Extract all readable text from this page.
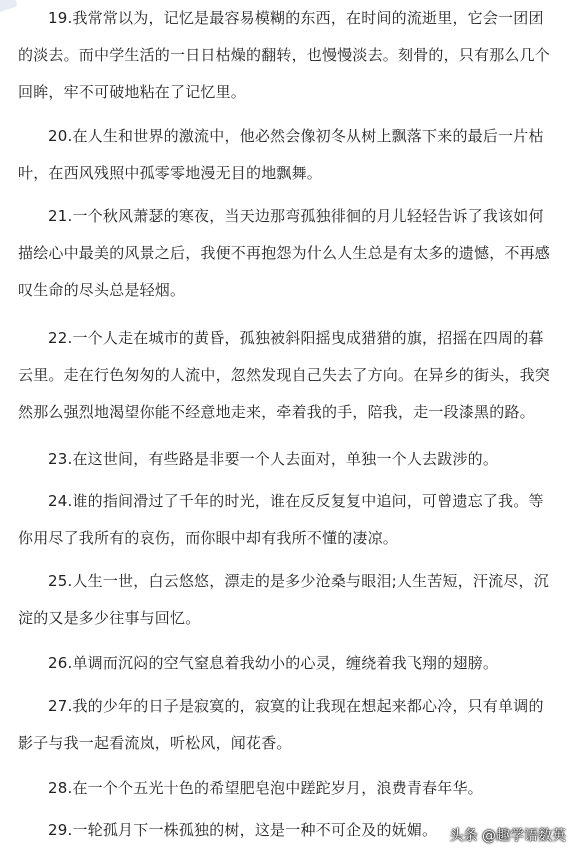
19.我常常以为，记忆是最容易模糊的东西，在时间的流逝里，它会一团团
的淡去。而中学生活的一日日枯燥的翻转，也慢慢淡去。刻骨的，只有那么几个
回眸，牢不可破地粘在了记忆里。
20.在人生和世界的激流中，他必然会像初冬从树上飘落下来的最后一片枯
叶，在西风残照中孤零零地漫无目的地飘舞。
21.一个秋风萧瑟的寒夜，当天边那弯孤独徘徊的月儿轻轻告诉了我该如何
描绘心中最美的风景之后，我便不再抱怨为什么人生总是有太多的遗憾，不再感
叹生命的尽头总是轻烟。
22.一个人走在城市的黄昏，孤独被斜阳摇曳成猎猎的旗，招摇在四周的暮
云里。走在行色匆匆的人流中，忽然发现自己失去了方向。在异乡的街头，我突
然那么强烈地渴望你能不经意地走来，牵着我的手，陪我，走一段漆黑的路。
23.在这世间，有些路是非要一个人去面对，单独一个人去跋涉的。
24.谁的指间滑过了千年的时光，谁在反反复复中追问，可曾遗忘了我。等
你用尽了我所有的哀伤，而你眼中却有我所不懂的凄凉。
25.人生一世，白云悠悠，漂走的是多少沧桑与眼泪;人生苦短，汗流尽，沉
淀的又是多少往事与回忆。
26.单调而沉闷的空气窒息着我幼小的心灵，缠绕着我飞翔的翅膀。
27.我的少年的日子是寂寞的，寂寞的让我现在想起来都心冷，只有单调的
影子与我一起看流岚，听松风，闻花香。
28.在一个个五光十色的希望肥皂泡中蹉跎岁月，浪费青春年华。
29.一轮孤月下一株孤独的树，这是一种不可企及的妩媚。 头条 @趣学语数英
